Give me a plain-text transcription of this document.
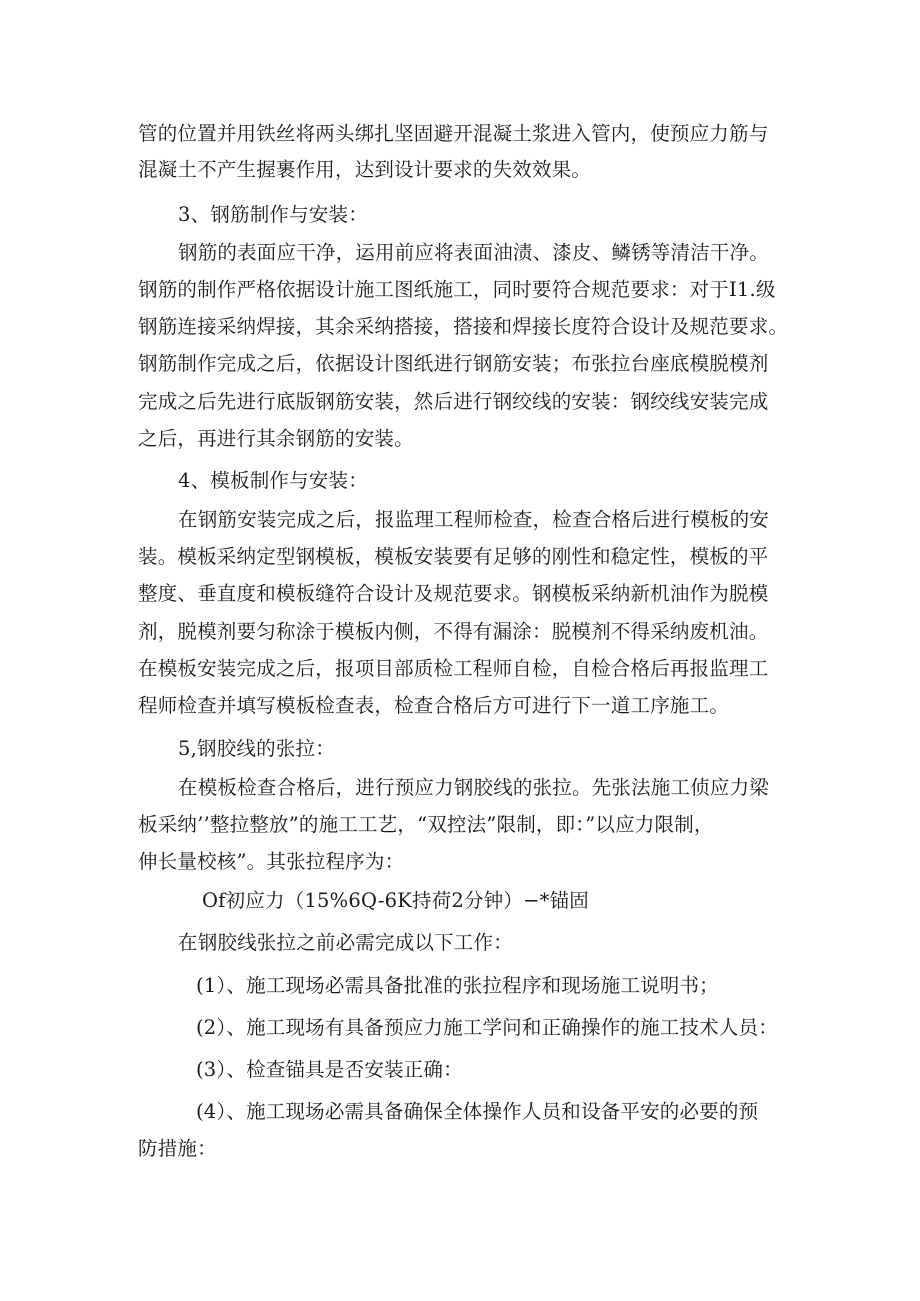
管的位置并用铁丝将两头绑扎坚固避开混凝土浆进入管内，使预应力筋与
混凝土不产生握裹作用，达到设计要求的失效效果。
3、钢筋制作与安装：
钢筋的表面应干净，运用前应将表面油渍、漆皮、鳞锈等清洁干净。
钢筋的制作严格依据设计施工图纸施工，同时要符合规范要求：对于I1.级
钢筋连接采纳焊接，其余采纳搭接，搭接和焊接长度符合设计及规范要求。
钢筋制作完成之后，依据设计图纸进行钢筋安装；布张拉台座底模脱模剂
完成之后先进行底版钢筋安装，然后进行钢绞线的安装：钢绞线安装完成
之后，再进行其余钢筋的安装。
4、模板制作与安装：
在钢筋安装完成之后，报监理工程师检查，检查合格后进行模板的安
装。模板采纳定型钢模板，模板安装要有足够的刚性和稳定性，模板的平
整度、垂直度和模板缝符合设计及规范要求。钢模板采纳新机油作为脱模
剂，脱模剂要匀称涂于模板内侧，不得有漏涂：脱模剂不得采纳废机油。
在模板安装完成之后，报项目部质检工程师自检，自检合格后再报监理工
程师检查并填写模板检查表，检查合格后方可进行下一道工序施工。
5,钢胶线的张拉：
在模板检查合格后，进行预应力钢胶线的张拉。先张法施工侦应力梁
板采纳’’整拉整放”的施工工艺，“双控法”限制，即：”以应力限制，
伸长量校核”。其张拉程序为：
Of初应力（15%6Q-6K持荷2分钟）−*锚固
在钢胶线张拉之前必需完成以下工作：
(1）、施工现场必需具备批准的张拉程序和现场施工说明书；
(2）、施工现场有具备预应力施工学问和正确操作的施工技术人员：
(3）、检查锚具是否安装正确：
(4）、施工现场必需具备确保全体操作人员和设备平安的必要的预
防措施：
